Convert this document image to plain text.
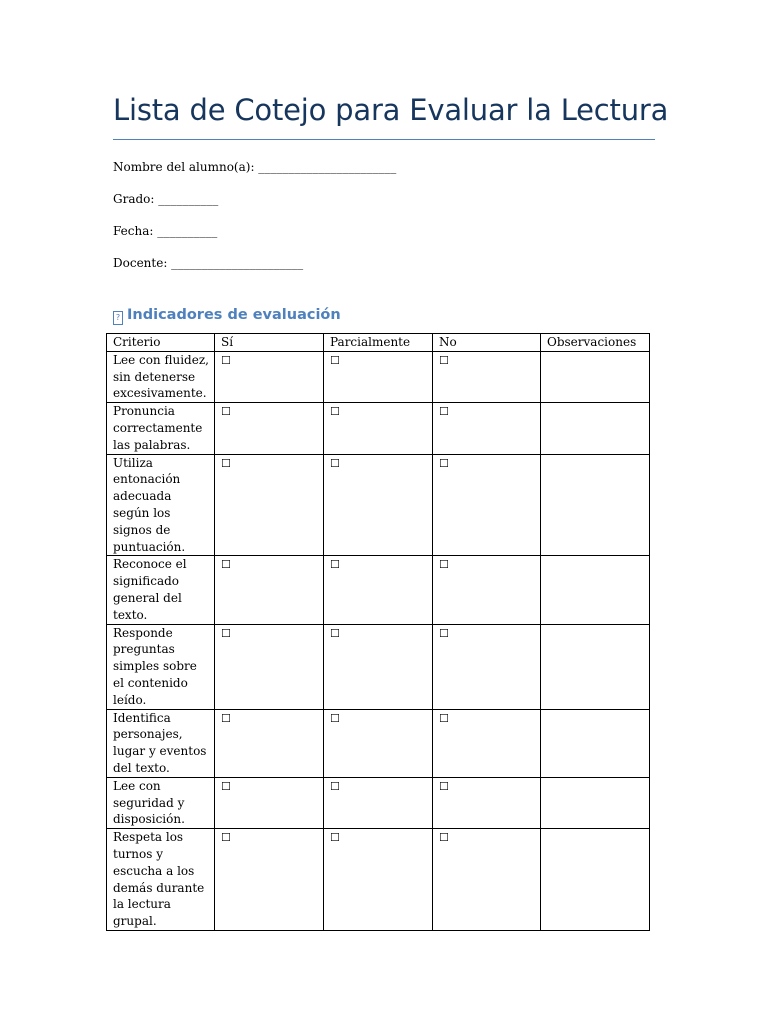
Lista de Cotejo para Evaluar la Lectura
Nombre del alumno(a): _______________________
Grado: __________
Fecha: __________
Docente: ______________________
? Indicadores de evaluación
Criterio	Sí	Parcialmente	No	Observaciones
Lee con fluidez, sin detenerse excesivamente.	☐	☐	☐	
Pronuncia correctamente las palabras.	☐	☐	☐	
Utiliza entonación adecuada según los signos de puntuación.	☐	☐	☐	
Reconoce el significado general del texto.	☐	☐	☐	
Responde preguntas simples sobre el contenido leído.	☐	☐	☐	
Identifica personajes, lugar y eventos del texto.	☐	☐	☐	
Lee con seguridad y disposición.	☐	☐	☐	
Respeta los turnos y escucha a los demás durante la lectura grupal.	☐	☐	☐	
